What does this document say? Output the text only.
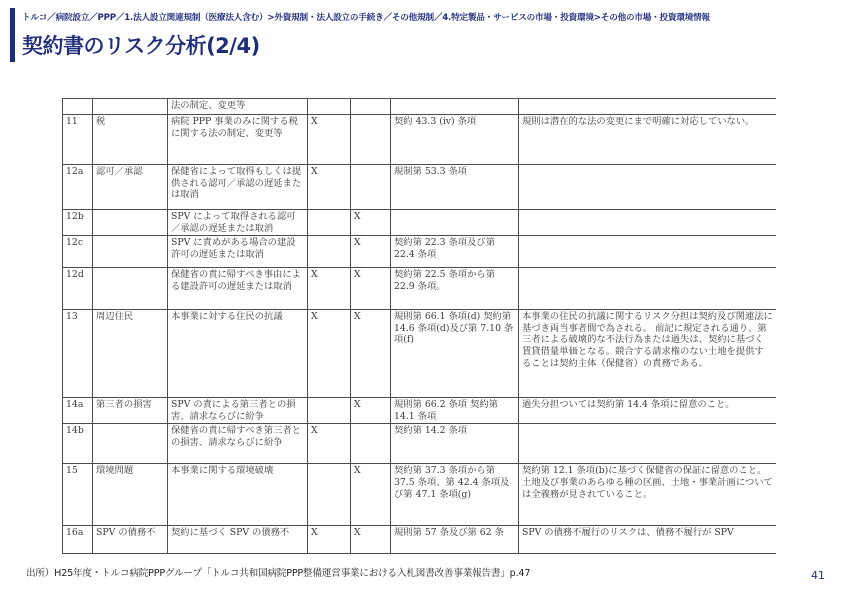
トルコ／病院設立／PPP／1.法人設立関連規制（医療法人含む）>外資規制・法人設立の手続き／その他規制／4.特定製品・サービスの市場・投資環境>その他の市場・投資環境情報
契約書のリスク分析(2/4)
		法の制定、変更等				
11	税	病院 PPP 事業のみに関する税に関する法の制定、変更等	X		契約 43.3 (iv) 条項	規則は潜在的な法の変更にまで明確に対応していない。
12a	認可／承認	保健省によって取得もしくは提供される認可／承認の遅延または取消	X		規制第 53.3 条項	
12b		SPV によって取得される認可／承認の遅延または取消		X		
12c		SPV に責めがある場合の建設許可の遅延または取消		X	契約第 22.3 条項及び第 22.4 条項	
12d		保健省の責に帰すべき事由による建設許可の遅延または取消	X	X	契約第 22.5 条項から第 22.9 条項。	
13	周辺住民	本事業に対する住民の抗議	X	X	規則第 66.1 条項(d) 契約第 14.6 条項(d)及び第 7.10 条項(f)	本事業の住民の抗議に関するリスク分担は契約及び関連法に基づき両当事者間で為される。 前記に規定される通り、第三者による破壊的な不法行為または過失は、契約に基づく賃貸借量単価となる。競合する請求権のない土地を提供することは契約主体（保健省）の責務である。
14a	第三者の損害	SPV の責による第三者との損害、請求ならびに紛争		X	規則第 66.2 条項 契約第 14.1 条項	過失分担ついては契約第 14.4 条項に留意のこと。
14b		保健省の責に帰すべき第三者との損害、請求ならびに紛争	X		契約第 14.2 条項	
15	環境問題	本事業に関する環境破壊		X	契約第 37.3 条項から第 37.5 条項、第 42.4 条項及び第 47.1 条項(g)	契約第 12.1 条項(b)に基づく保健省の保証に留意のこと。 土地及び事業のあらゆる種の区画、土地・事業計画については全義務が見されていること。
16a	SPV の債務不	契約に基づく SPV の債務不	X	X	規則第 57 条及び第 62 条	SPV の債務不履行のリスクは、債務不履行が SPV
出所）H25年度・トルコ病院PPPグループ「トルコ共和国病院PPP整備運営事業における入札図書改善事業報告書」p.47	41
